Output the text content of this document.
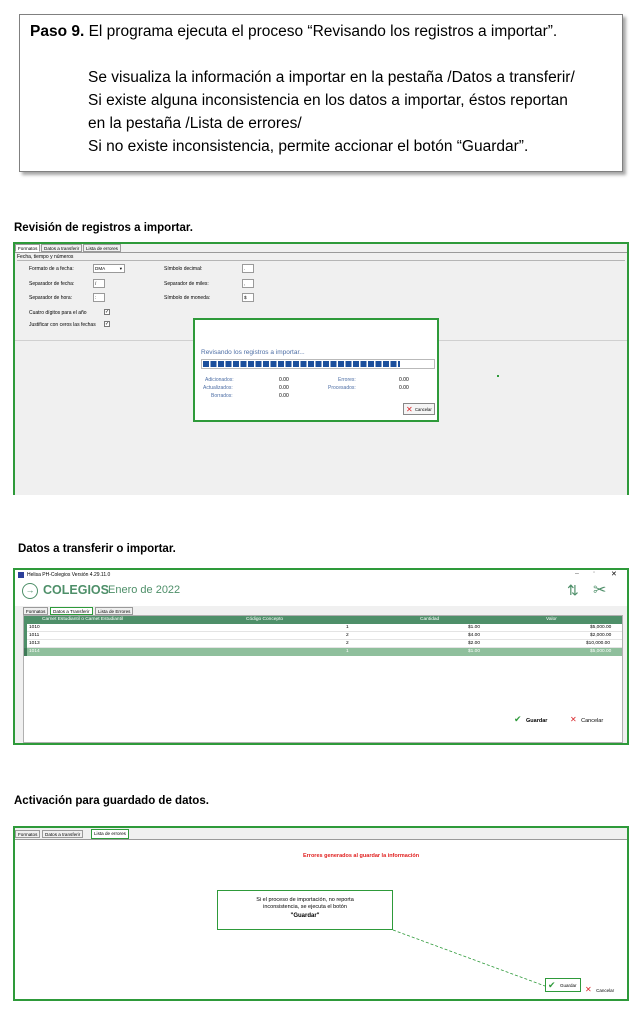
Paso 9. El programa ejecuta el proceso “Revisando los registros a importar”.
Se visualiza la información a importar en la pestaña /Datos a transferir/
Si existe alguna inconsistencia en los datos a importar, éstos reportan
en la pestaña /Lista de errores/
Si no existe inconsistencia, permite accionar el botón “Guardar”.
Revisión de registros a importar.
Formatos	Datos a transferir	Lista de errores
Fecha, tiempo y números
Formato de a fecha:	DMA	▾
Separador de fecha:	/
Separador de hora:	:
Cuatro dígitos para el año	✓
Justificar con ceros las fechas ✓
Símbolo decimal:	.
Separador de miles:	,
Símbolo de moneda:	$
Revisando los registros a importar...
Adicionados:	0.00
Actualizados:	0.00
Borrados:	0.00
Errores:	0.00
Procesados:	0.00
✕ Cancelar
Datos a transferir o importar.
Helisa PH-Colegios Versión 4.29.11.0	– ▫ ✕
→ COLEGIOS Enero de 2022	⇅ ✂
Formatos	Datos a Transferir	Lista de Errores
Carnet Estudiantil o Carnet Estudiantil	Código Concepto	Cantidad	Valor
1010	1	$1.00	$5,000.00
1011	2	$4.00	$2,000.00
1013	2	$2.00	$10,000.00
1014	1	$1.00	$5,000.00
✔ Guardar	✕ Cancelar
Activación para guardado de datos.
Formatos	Datos a transferir	Lista de errores
Errores generados al guardar la información
Si el proceso de importación, no reporta
inconsistencia, se ejecuta el botón
"Guardar"
✔ Guardar ✕ Cancelar
